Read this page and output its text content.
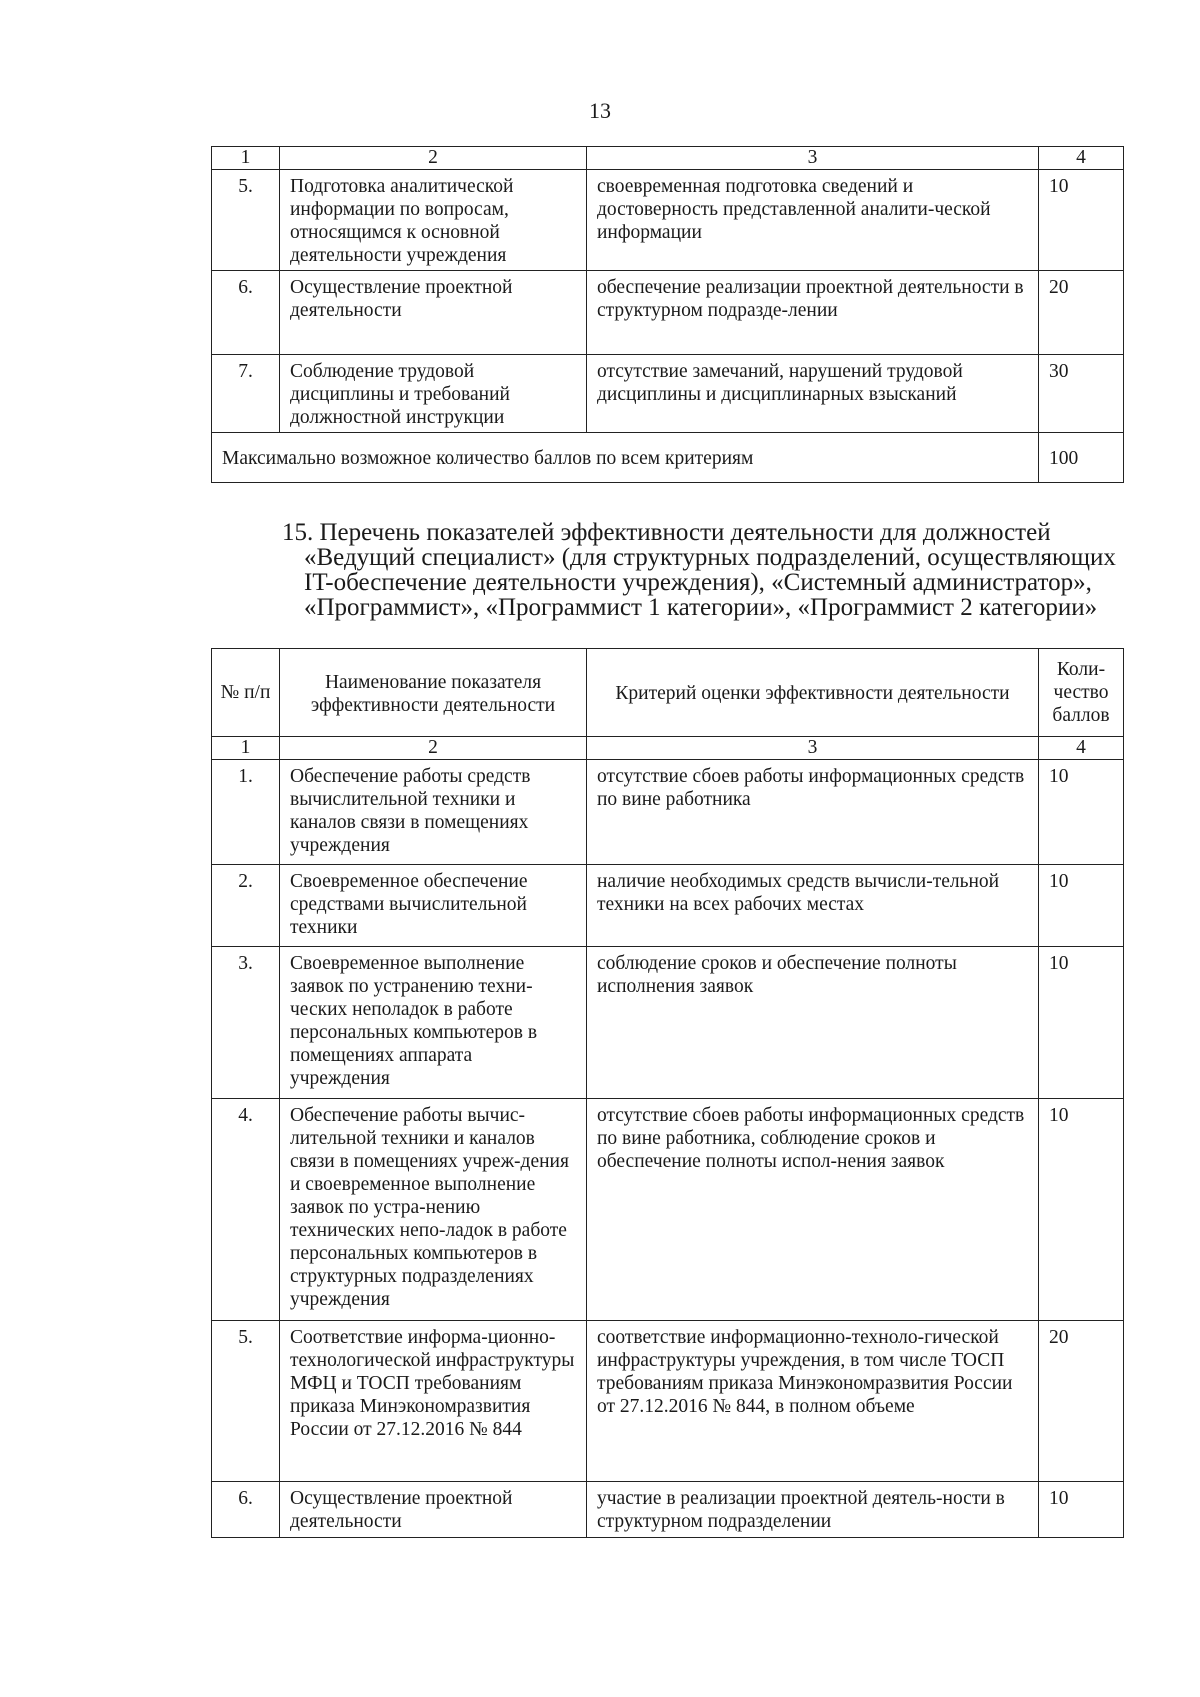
13
1	2	3	4
5.	Подготовка аналитической информации по вопросам, относящимся к основной деятельности учреждения	своевременная подготовка сведений и достоверность представленной аналити-ческой информации	10
6.	Осуществление проектной деятельности	обеспечение реализации проектной деятельности в структурном подразде-лении	20
7.	Соблюдение трудовой дисциплины и требований должностной инструкции	отсутствие замечаний, нарушений трудовой дисциплины и дисциплинарных взысканий	30
Максимально возможное количество баллов по всем критериям			100
15. Перечень показателей эффективности деятельности для должностей «Ведущий специалист» (для структурных подразделений, осуществляющих IT-обеспечение деятельности учреждения), «Системный администратор», «Программист», «Программист 1 категории», «Программист 2 категории»
№ п/п	Наименование показателя эффективности деятельности	Критерий оценки эффективности деятельности	Коли-чество баллов
1	2	3	4
1.	Обеспечение работы средств вычислительной техники и каналов связи в помещениях учреждения	отсутствие сбоев работы информационных средств по вине работника	10
2.	Своевременное обеспечение средствами вычислительной техники	наличие необходимых средств вычисли-тельной техники на всех рабочих местах	10
3.	Своевременное выполнение заявок по устранению техни-ческих неполадок в работе персональных компьютеров в помещениях аппарата учреждения	соблюдение сроков и обеспечение полноты исполнения заявок	10
4.	Обеспечение работы вычис-лительной техники и каналов связи в помещениях учреж-дения и своевременное выполнение заявок по устра-нению технических непо-ладок в работе персональных компьютеров в структурных подразделениях учреждения	отсутствие сбоев работы информационных средств по вине работника, соблюдение сроков и обеспечение полноты испол-нения заявок	10
5.	Соответствие информа-ционно-технологической инфраструктуры МФЦ и ТОСП требованиям приказа Минэкономразвития России от 27.12.2016 № 844	соответствие информационно-техноло-гической инфраструктуры учреждения, в том числе ТОСП требованиям приказа Минэкономразвития России от 27.12.2016 № 844, в полном объеме	20
6.	Осуществление проектной деятельности	участие в реализации проектной деятель-ности в структурном подразделении	10
